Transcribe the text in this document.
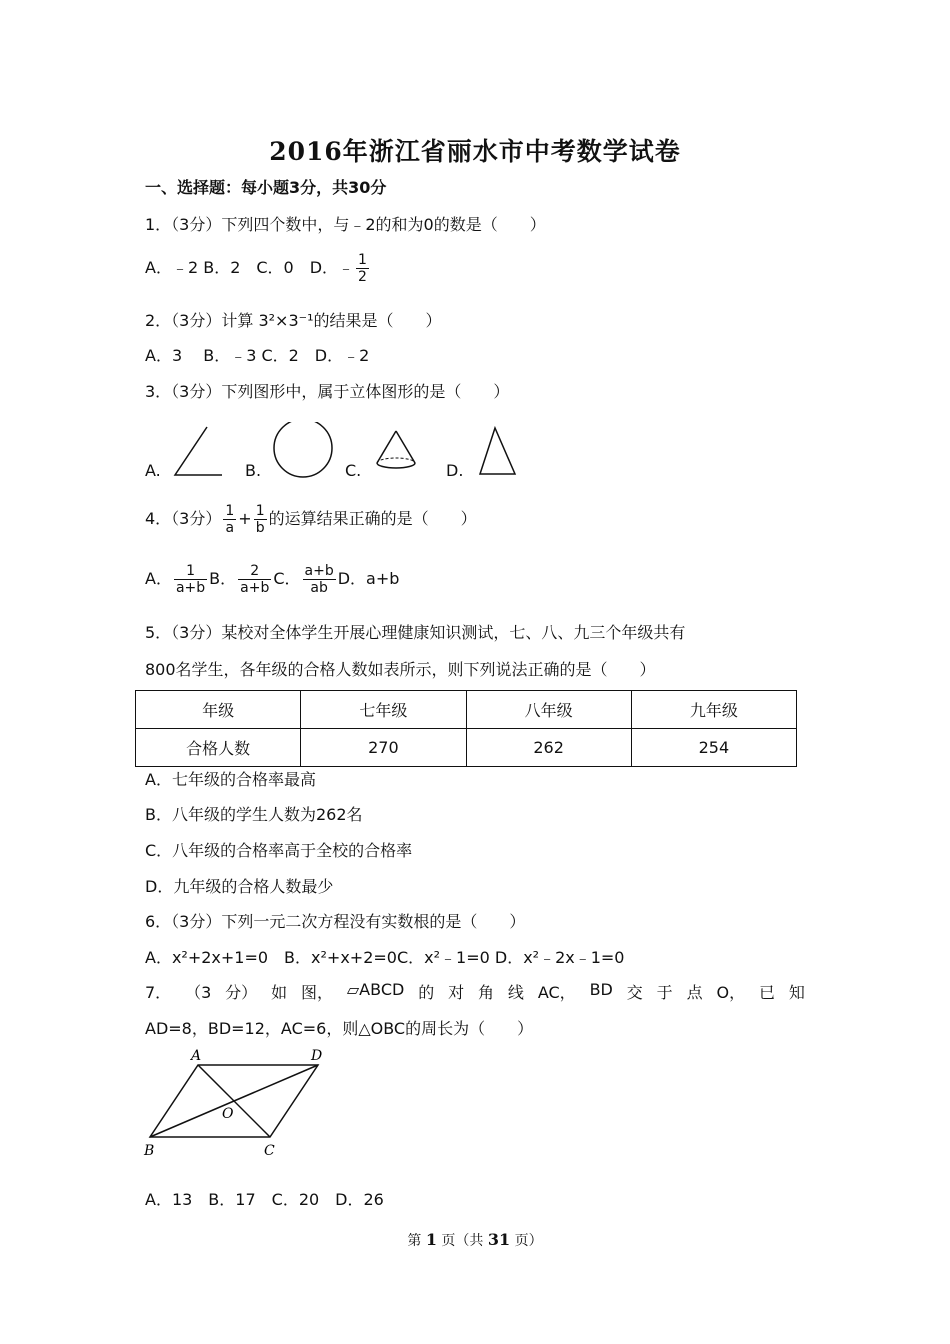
2016年浙江省丽水市中考数学试卷
一、选择题：每小题3分，共30分
1．（3分）下列四个数中，与﹣2的和为0的数是（　　）
A．﹣2 B．2　C．0　D．﹣ $\frac{1}{2}$
2．（3分）计算 3²×3⁻¹的结果是（　　）
A．3　 B．﹣3 C．2　D．﹣2
3．（3分）下列图形中，属于立体图形的是（　　）
A.	B.	C.	D.
4．（3分） $\frac{1}{a} + \frac{1}{b}$ 的运算结果正确的是（　　）
A． $\frac{1}{a+b}$ B． $\frac{2}{a+b}$ C． $\frac{a+b}{ab}$ D．a+b
5．（3分）某校对全体学生开展心理健康知识测试，七、八、九三个年级共有
800名学生，各年级的合格人数如表所示，则下列说法正确的是（　　）
年级	七年级	八年级	九年级
合格人数	270	262	254
A．七年级的合格率最高
B．八年级的学生人数为262名
C．八年级的合格率高于全校的合格率
D．九年级的合格人数最少
6．（3分）下列一元二次方程没有实数根的是（　　）
A．x²+2x+1=0　B．x²+x+2=0C．x²﹣1=0 D．x²﹣2x﹣1=0
7． （3 分） 如 图， ▱ABCD 的 对 角 线 AC， BD 交 于 点 O， 已 知
AD=8，BD=12，AC=6，则△OBC的周长为（　　）
A	D
B	C
O
A．13　B．17　C．20　D．26
第 1 页（共 31 页）
